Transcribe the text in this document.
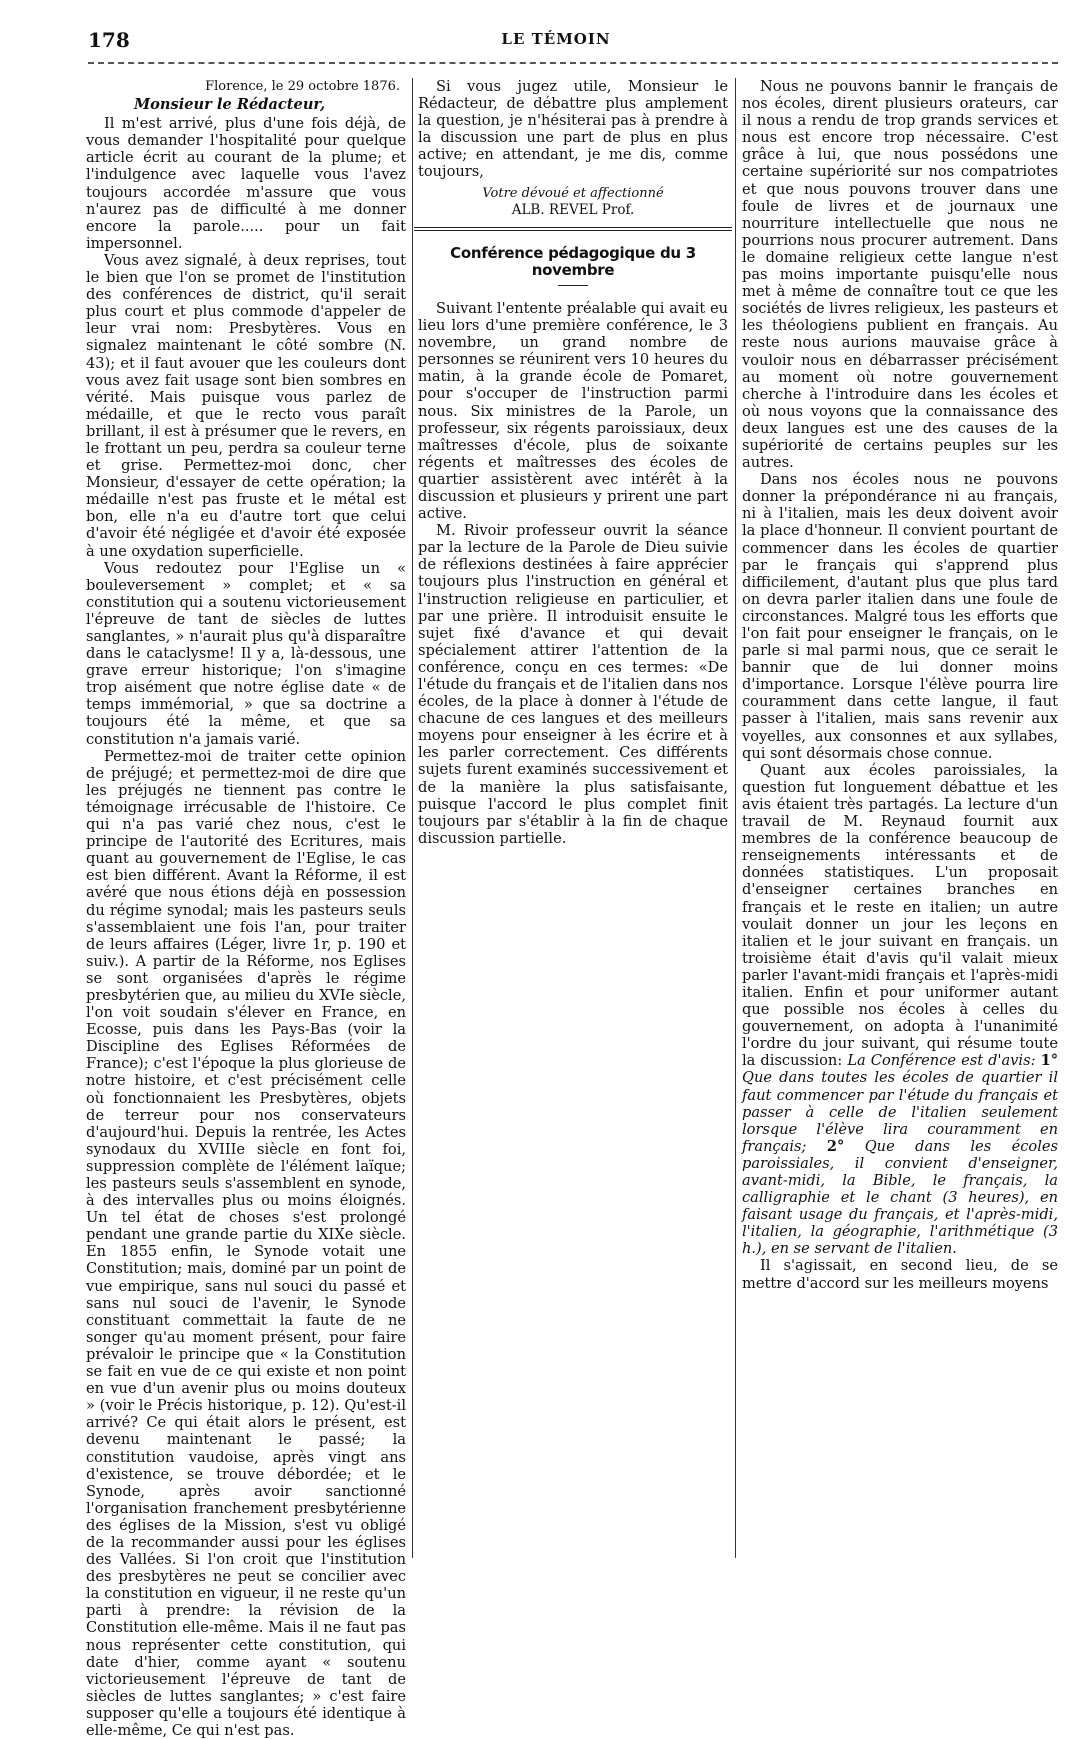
178	LE TÉMOIN
Florence, le 29 octobre 1876.
Monsieur le Rédacteur,

Il m'est arrivé, plus d'une fois déjà, de vous demander l'hospitalité pour quelque article écrit au courant de la plume; et l'indulgence avec laquelle vous l'avez toujours accordée m'assure que vous n'aurez pas de difficulté à me donner encore la parole..... pour un fait impersonnel.

Vous avez signalé, à deux reprises, tout le bien que l'on se promet de l'institution des conférences de district, qu'il serait plus court et plus commode d'appeler de leur vrai nom: Presbytères. Vous en signalez maintenant le côté sombre (N. 43); et il faut avouer que les couleurs dont vous avez fait usage sont bien sombres en vérité. Mais puisque vous parlez de médaille, et que le recto vous paraît brillant, il est à présumer que le revers, en le frottant un peu, perdra sa couleur terne et grise. Permettez-moi donc, cher Monsieur, d'essayer de cette opération; la médaille n'est pas fruste et le métal est bon, elle n'a eu d'autre tort que celui d'avoir été négligée et d'avoir été exposée à une oxydation superficielle.

Vous redoutez pour l'Eglise un « bouleversement » complet; et « sa constitution qui a soutenu victorieusement l'épreuve de tant de siècles de luttes sanglantes, » n'aurait plus qu'à disparaître dans le cataclysme! Il y a, là-dessous, une grave erreur historique; l'on s'imagine trop aisément que notre église date « de temps immémorial, » que sa doctrine a toujours été la même, et que sa constitution n'a jamais varié.

Permettez-moi de traiter cette opinion de préjugé; et permettez-moi de dire que les préjugés ne tiennent pas contre le témoignage irrécusable de l'histoire. Ce qui n'a pas varié chez nous, c'est le principe de l'autorité des Ecritures, mais quant au gouvernement de l'Eglise, le cas est bien différent. Avant la Réforme, il est avéré que nous étions déjà en possession du régime synodal; mais les pasteurs seuls s'assemblaient une fois l'an, pour traiter de leurs affaires (Léger, livre 1r, p. 190 et suiv.). A partir de la Réforme, nos Eglises se sont organisées d'après le régime presbytérien que, au milieu du XVIe siècle, l'on voit soudain s'élever en France, en Ecosse, puis dans les Pays-Bas (voir la Discipline des Eglises Réformées de France); c'est l'époque la plus glorieuse de notre histoire, et c'est précisément celle où fonctionnaient les Presbytères, objets de terreur pour nos conservateurs d'aujourd'hui. Depuis la rentrée, les Actes synodaux du XVIIIe siècle en font foi, suppression complète de l'élément laïque; les pasteurs seuls s'assemblent en synode, à des intervalles plus ou moins éloignés. Un tel état de choses s'est prolongé pendant une grande partie du XIXe siècle. En 1855 enfin, le Synode votait une Constitution; mais, dominé par un point de vue empirique, sans nul souci du passé et sans nul souci de l'avenir, le Synode constituant commettait la faute de ne songer qu'au moment présent, pour faire prévaloir le principe que « la Constitution se fait en vue de ce qui existe et non point en vue d'un avenir plus ou moins douteux » (voir le Précis historique, p. 12). Qu'est-il arrivé? Ce qui était alors le présent, est devenu maintenant le passé; la constitution vaudoise, après vingt ans d'existence, se trouve débordée; et le Synode, après avoir sanctionné l'organisation franchement presbytérienne des églises de la Mission, s'est vu obligé de la recommander aussi pour les églises des Vallées. Si l'on croit que l'institution des presbytères ne peut se concilier avec la constitution en vigueur, il ne reste qu'un parti à prendre: la révision de la Constitution elle-même. Mais il ne faut pas nous représenter cette constitution, qui date d'hier, comme ayant « soutenu victorieusement l'épreuve de tant de siècles de luttes sanglantes; » c'est faire supposer qu'elle a toujours été identique à elle-même, Ce qui n'est pas.

Si vous jugez utile, Monsieur le Rédacteur, de débattre plus amplement la question, je n'hésiterai pas à prendre à la discussion une part de plus en plus active; en attendant, je me dis, comme toujours,

Votre dévoué et affectionné
ALB. REVEL Prof.
Conférence pédagogique du 3 novembre

Suivant l'entente préalable qui avait eu lieu lors d'une première conférence, le 3 novembre, un grand nombre de personnes se réunirent vers 10 heures du matin, à la grande école de Pomaret, pour s'occuper de l'instruction parmi nous. Six ministres de la Parole, un professeur, six régents paroissiaux, deux maîtresses d'école, plus de soixante régents et maîtresses des écoles de quartier assistèrent avec intérêt à la discussion et plusieurs y prirent une part active.

M. Rivoir professeur ouvrit la séance par la lecture de la Parole de Dieu suivie de réflexions destinées à faire apprécier toujours plus l'instruction en général et l'instruction religieuse en particulier, et par une prière. Il introduisit ensuite le sujet fixé d'avance et qui devait spécialement attirer l'attention de la conférence, conçu en ces termes: «De l'étude du français et de l'italien dans nos écoles, de la place à donner à l'étude de chacune de ces langues et des meilleurs moyens pour enseigner à les écrire et à les parler correctement. Ces différents sujets furent examinés successivement et de la manière la plus satisfaisante, puisque l'accord le plus complet finit toujours par s'établir à la fin de chaque discussion partielle.

Nous ne pouvons bannir le français de nos écoles, dirent plusieurs orateurs, car il nous a rendu de trop grands services et nous est encore trop nécessaire. C'est grâce à lui, que nous possédons une certaine supériorité sur nos compatriotes et que nous pouvons trouver dans une foule de livres et de journaux une nourriture intellectuelle que nous ne pourrions nous procurer autrement. Dans le domaine religieux cette langue n'est pas moins importante puisqu'elle nous met à même de connaître tout ce que les sociétés de livres religieux, les pasteurs et les théologiens publient en français. Au reste nous aurions mauvaise grâce à vouloir nous en débarrasser précisément au moment où notre gouvernement cherche à l'introduire dans les écoles et où nous voyons que la connaissance des deux langues est une des causes de la supériorité de certains peuples sur les autres.

Dans nos écoles nous ne pouvons donner la prépondérance ni au français, ni à l'italien, mais les deux doivent avoir la place d'honneur. Il convient pourtant de commencer dans les écoles de quartier par le français qui s'apprend plus difficilement, d'autant plus que plus tard on devra parler italien dans une foule de circonstances. Malgré tous les efforts que l'on fait pour enseigner le français, on le parle si mal parmi nous, que ce serait le bannir que de lui donner moins d'importance. Lorsque l'élève pourra lire couramment dans cette langue, il faut passer à l'italien, mais sans revenir aux voyelles, aux consonnes et aux syllabes, qui sont désormais chose connue.

Quant aux écoles paroissiales, la question fut longuement débattue et les avis étaient très partagés. La lecture d'un travail de M. Reynaud fournit aux membres de la conférence beaucoup de renseignements intéressants et de données statistiques. L'un proposait d'enseigner certaines branches en français et le reste en italien; un autre voulait donner un jour les leçons en italien et le jour suivant en français. un troisième était d'avis qu'il valait mieux parler l'avant-midi français et l'après-midi italien. Enfin et pour uniformer autant que possible nos écoles à celles du gouvernement, on adopta à l'unanimité l'ordre du jour suivant, qui résume toute la discussion: La Conférence est d'avis: 1° Que dans toutes les écoles de quartier il faut commencer par l'étude du français et passer à celle de l'italien seulement lorsque l'élève lira couramment en français; 2° Que dans les écoles paroissiales, il convient d'enseigner, avant-midi, la Bible, le français, la calligraphie et le chant (3 heures), en faisant usage du français, et l'après-midi, l'italien, la géographie, l'arithmétique (3 h.), en se servant de l'italien.

Il s'agissait, en second lieu, de se mettre d'accord sur les meilleurs moyens
